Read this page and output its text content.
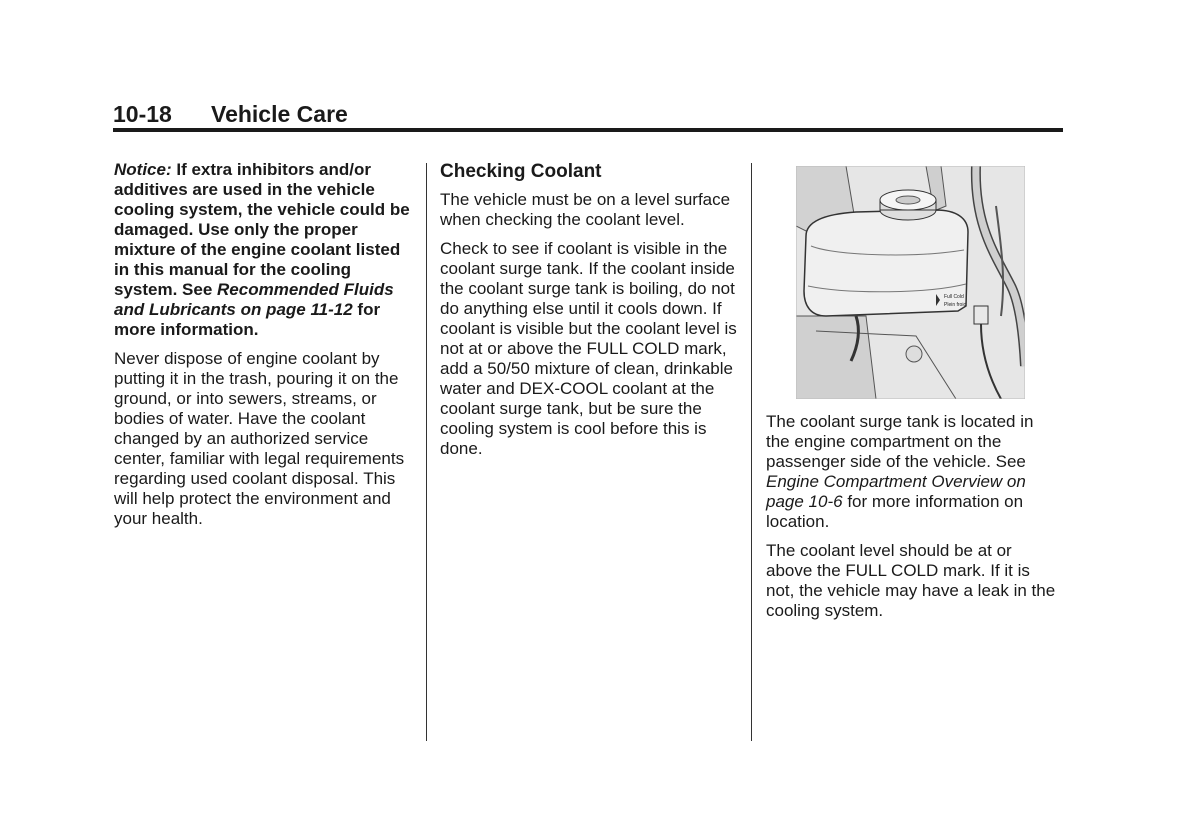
10-18 Vehicle Care

Notice: If extra inhibitors and/or additives are used in the vehicle cooling system, the vehicle could be damaged. Use only the proper mixture of the engine coolant listed in this manual for the cooling system. See Recommended Fluids and Lubricants on page 11-12 for more information.

Never dispose of engine coolant by putting it in the trash, pouring it on the ground, or into sewers, streams, or bodies of water. Have the coolant changed by an authorized service center, familiar with legal requirements regarding used coolant disposal. This will help protect the environment and your health.

Checking Coolant

The vehicle must be on a level surface when checking the coolant level.

Check to see if coolant is visible in the coolant surge tank. If the coolant inside the coolant surge tank is boiling, do not do anything else until it cools down. If coolant is visible but the coolant level is not at or above the FULL COLD mark, add a 50/50 mixture of clean, drinkable water and DEX-COOL coolant at the coolant surge tank, but be sure the cooling system is cool before this is done.

Full Cold
Plein froid

The coolant surge tank is located in the engine compartment on the passenger side of the vehicle. See Engine Compartment Overview on page 10-6 for more information on location.

The coolant level should be at or above the FULL COLD mark. If it is not, the vehicle may have a leak in the cooling system.
